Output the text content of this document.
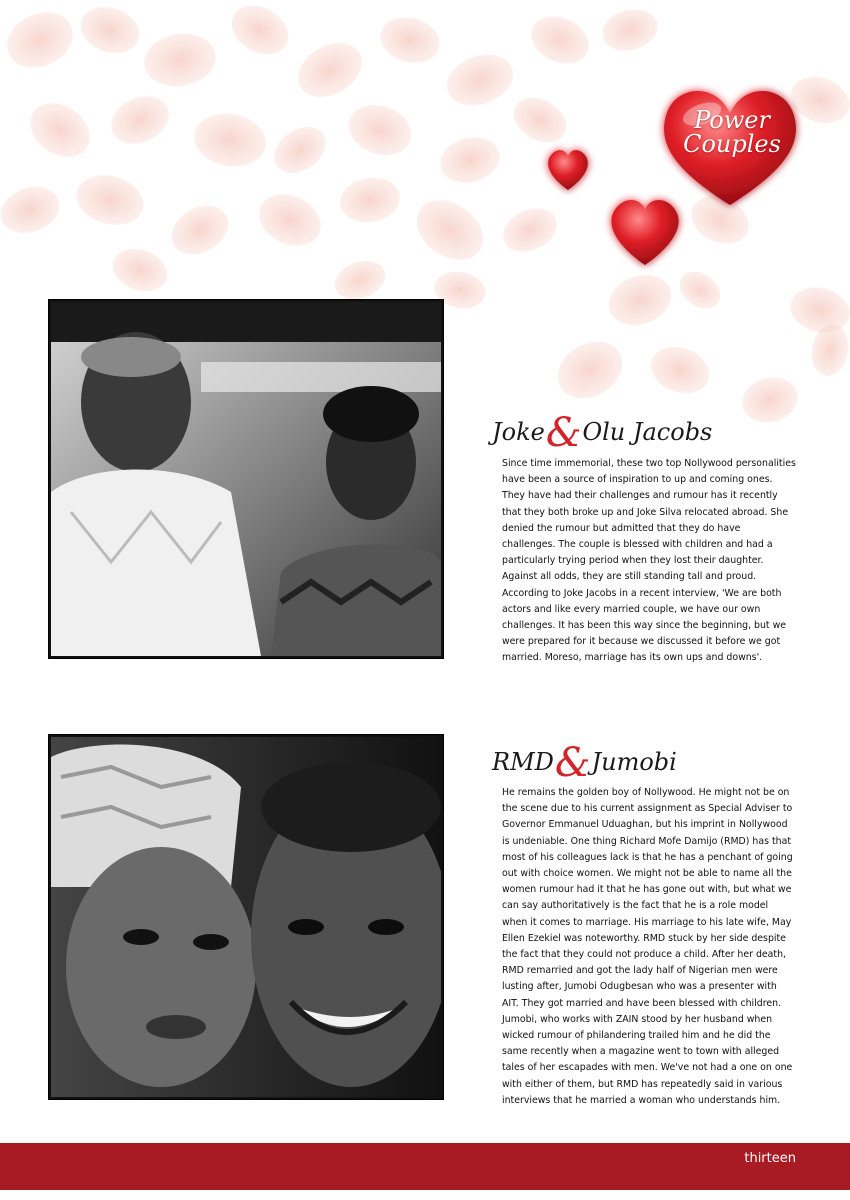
Power
Couples
Joke&Olu Jacobs

Since time immemorial, these two top Nollywood personalities have been a source of inspiration to up and coming ones. They have had their challenges and rumour has it recently that they both broke up and Joke Silva relocated abroad. She denied the rumour but admitted that they do have challenges. The couple is blessed with children and had a particularly trying period when they lost their daughter. Against all odds, they are still standing tall and proud. According to Joke Jacobs in a recent interview, 'We are both actors and like every married couple, we have our own challenges. It has been this way since the beginning, but we were prepared for it because we discussed it before we got married. Moreso, marriage has its own ups and downs'.

RMD&Jumobi

He remains the golden boy of Nollywood. He might not be on the scene due to his current assignment as Special Adviser to Governor Emmanuel Uduaghan, but his imprint in Nollywood is undeniable. One thing Richard Mofe Damijo (RMD) has that most of his colleagues lack is that he has a penchant of going out with choice women. We might not be able to name all the women rumour had it that he has gone out with, but what we can say authoritatively is the fact that he is a role model when it comes to marriage. His marriage to his late wife, May Ellen Ezekiel was noteworthy. RMD stuck by her side despite the fact that they could not produce a child. After her death, RMD remarried and got the lady half of Nigerian men were lusting after, Jumobi Odugbesan who was a presenter with AIT. They got married and have been blessed with children. Jumobi, who works with ZAIN stood by her husband when wicked rumour of philandering trailed him and he did the same recently when a magazine went to town with alleged tales of her escapades with men. We've not had a one on one with either of them, but RMD has repeatedly said in various interviews that he married a woman who understands him.

thirteen
